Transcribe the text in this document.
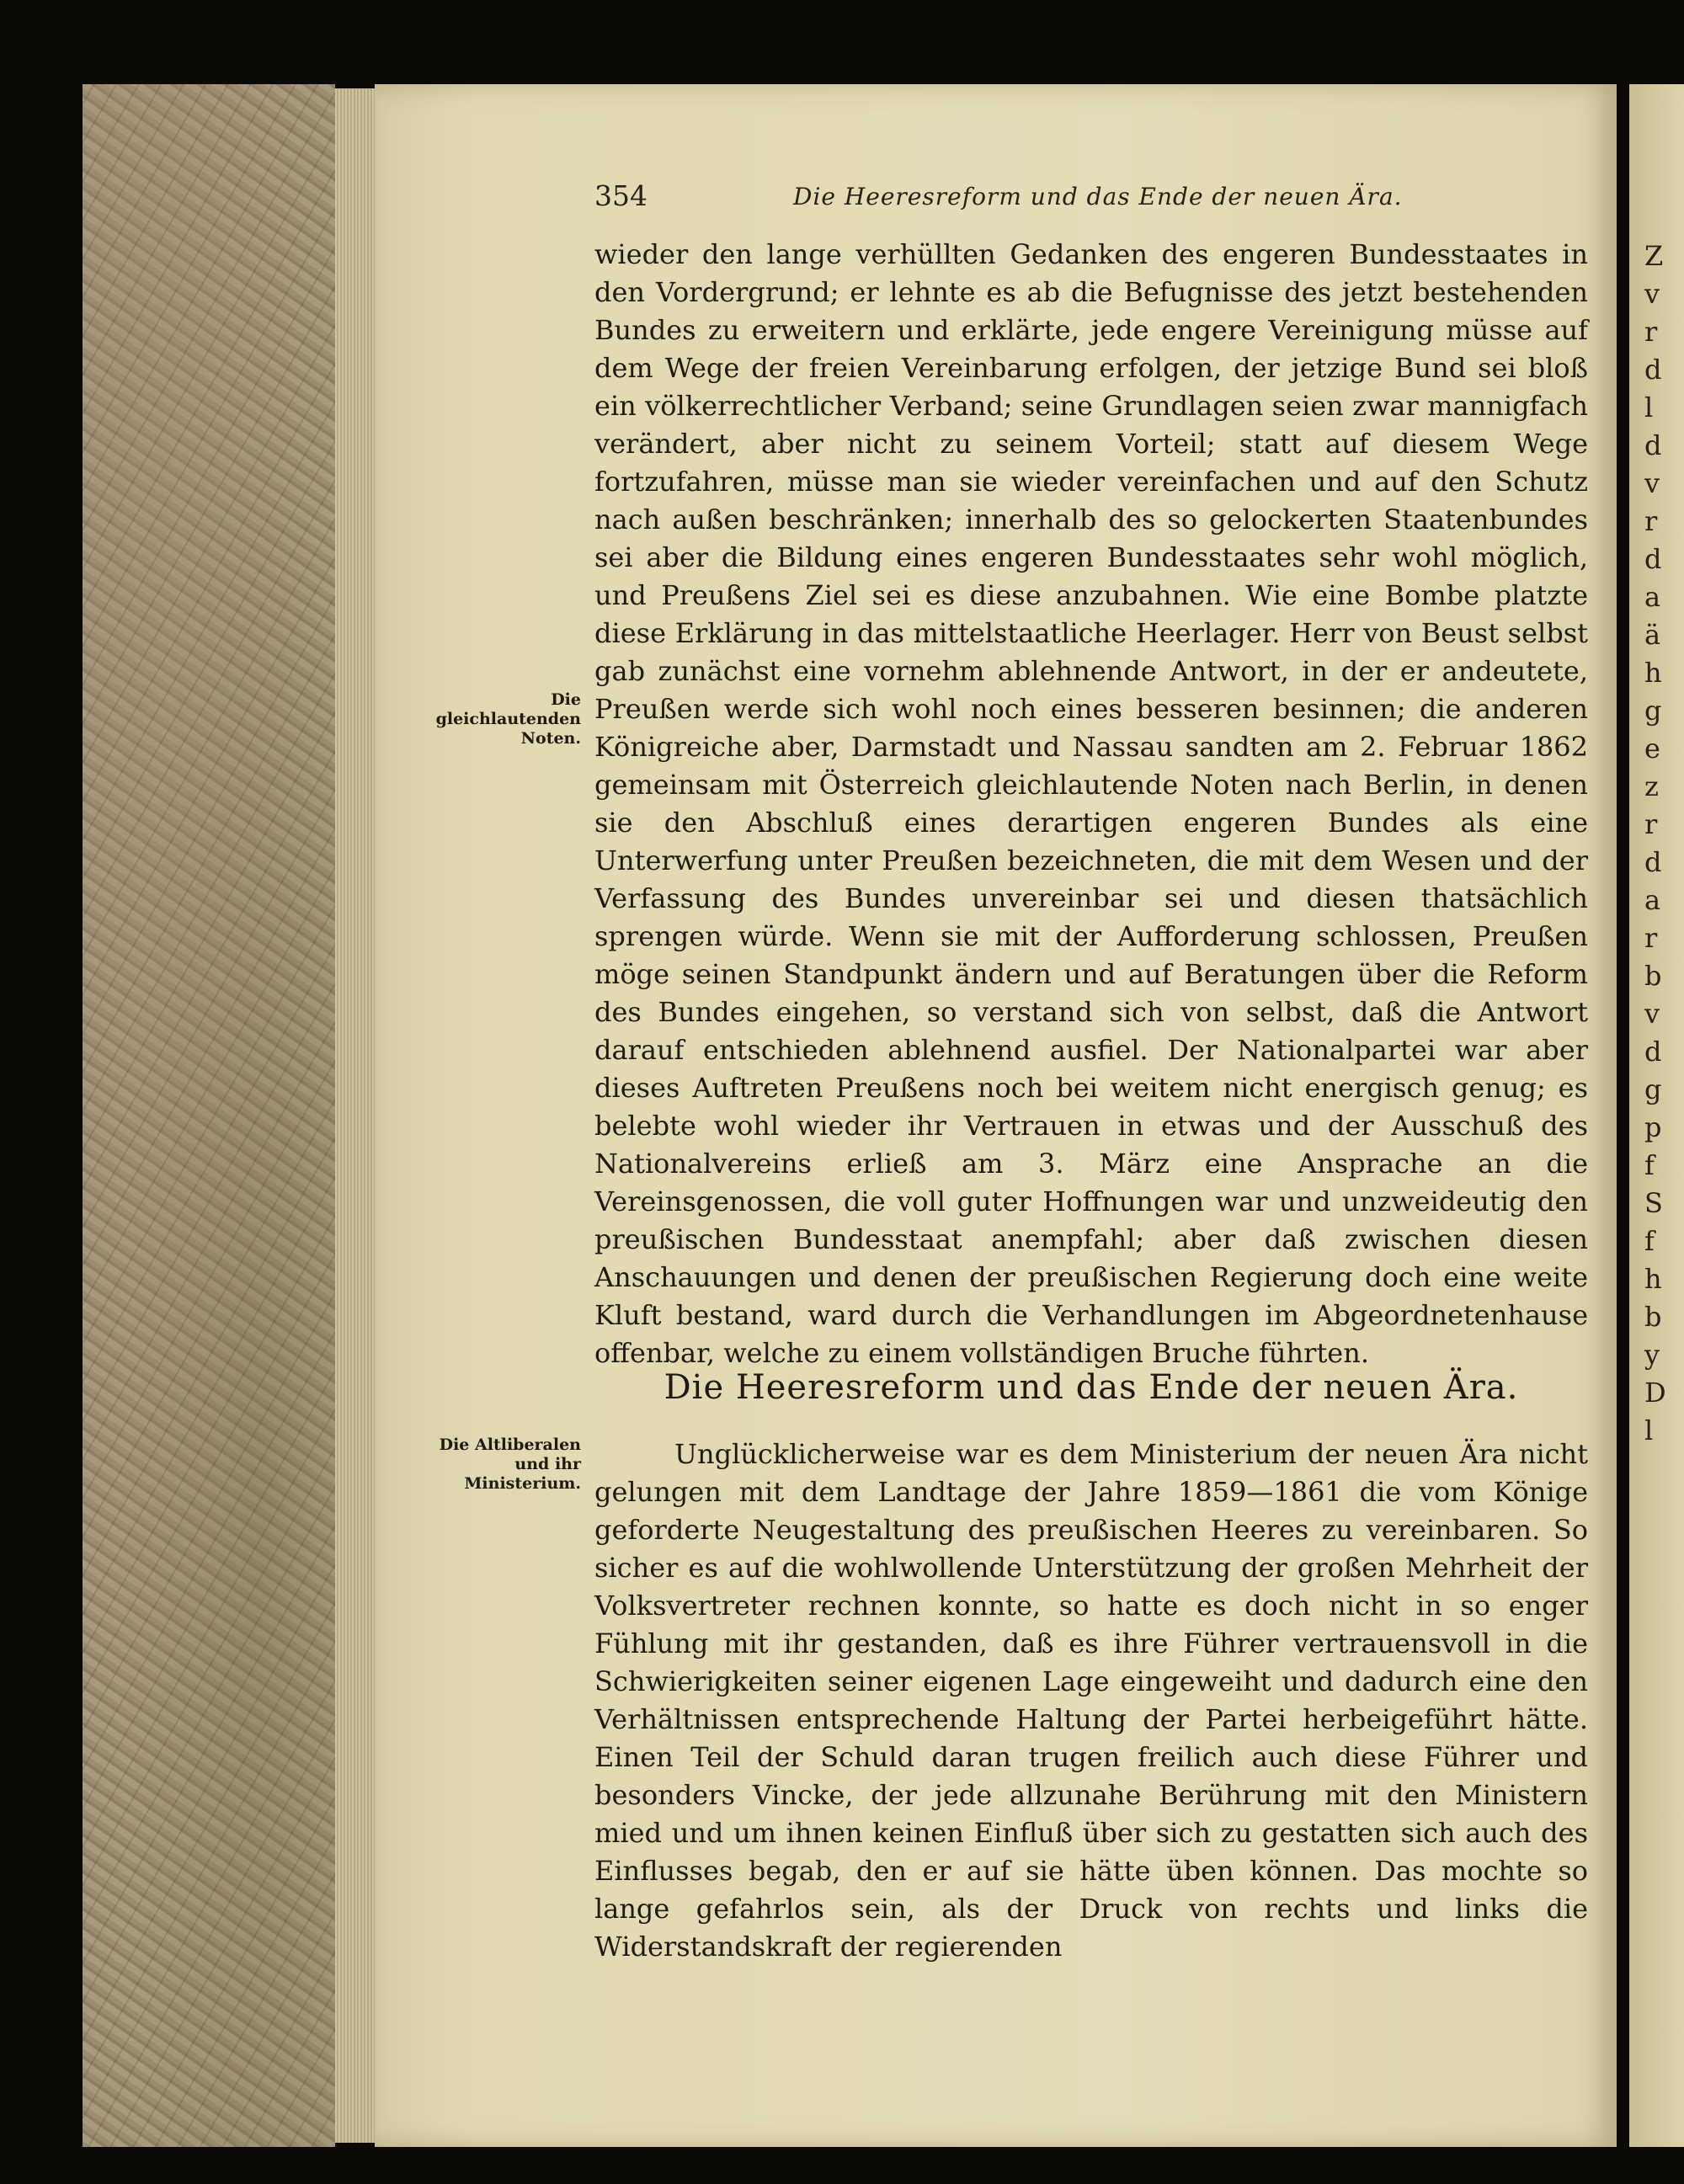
Z
v
r
d
l
d
v
r
d
a
ä
h
g
e
z
r
d
a
r
b
v
d
g
p
f
S
f
h
b
y
D
l
354	Die Heeresreform und das Ende der neuen Ära.

wieder den lange verhüllten Gedanken des engeren Bundesstaates in den Vordergrund; er lehnte es ab die Befugnisse des jetzt bestehenden Bundes zu erweitern und erklärte, jede engere Vereinigung müsse auf dem Wege der freien Vereinbarung erfolgen, der jetzige Bund sei bloß ein völkerrechtlicher Verband; seine Grundlagen seien zwar mannigfach verändert, aber nicht zu seinem Vorteil; statt auf diesem Wege fortzufahren, müsse man sie wieder vereinfachen und auf den Schutz nach außen beschränken; innerhalb des so gelockerten Staatenbundes sei aber die Bildung eines engeren Bundesstaates sehr wohl möglich, und Preußens Ziel sei es diese anzubahnen. Wie eine Bombe platzte diese Erklärung in das mittelstaatliche Heerlager. Herr von Beust selbst gab zunächst eine vornehm ablehnende Antwort, in der er andeutete, Preußen werde sich wohl noch eines besseren besinnen; die anderen Königreiche aber, Darmstadt und Nassau sandten am 2. Februar 1862 gemeinsam mit Österreich gleichlautende Noten nach Berlin, in denen sie den Abschluß eines derartigen engeren Bundes als eine Unterwerfung unter Preußen bezeichneten, die mit dem Wesen und der Verfassung des Bundes unvereinbar sei und diesen thatsächlich sprengen würde. Wenn sie mit der Aufforderung schlossen, Preußen möge seinen Standpunkt ändern und auf Beratungen über die Reform des Bundes eingehen, so verstand sich von selbst, daß die Antwort darauf entschieden ablehnend ausfiel. Der Nationalpartei war aber dieses Auftreten Preußens noch bei weitem nicht energisch genug; es belebte wohl wieder ihr Vertrauen in etwas und der Ausschuß des Nationalvereins erließ am 3. März eine Ansprache an die Vereinsgenossen, die voll guter Hoffnungen war und unzweideutig den preußischen Bundesstaat anempfahl; aber daß zwischen diesen Anschauungen und denen der preußischen Regierung doch eine weite Kluft bestand, ward durch die Verhandlungen im Abgeordnetenhause offenbar, welche zu einem vollständigen Bruche führten.

Die gleichlautenden Noten.
Die Heeresreform und das Ende der neuen Ära.
Die Altliberalen und ihr Ministerium.

Unglücklicherweise war es dem Ministerium der neuen Ära nicht gelungen mit dem Landtage der Jahre 1859—1861 die vom Könige geforderte Neugestaltung des preußischen Heeres zu vereinbaren. So sicher es auf die wohlwollende Unterstützung der großen Mehrheit der Volksvertreter rechnen konnte, so hatte es doch nicht in so enger Fühlung mit ihr gestanden, daß es ihre Führer vertrauensvoll in die Schwierigkeiten seiner eigenen Lage eingeweiht und dadurch eine den Verhältnissen entsprechende Haltung der Partei herbeigeführt hätte. Einen Teil der Schuld daran trugen freilich auch diese Führer und besonders Vincke, der jede allzunahe Berührung mit den Ministern mied und um ihnen keinen Einfluß über sich zu gestatten sich auch des Einflusses begab, den er auf sie hätte üben können. Das mochte so lange gefahrlos sein, als der Druck von rechts und links die Widerstandskraft der regierenden
